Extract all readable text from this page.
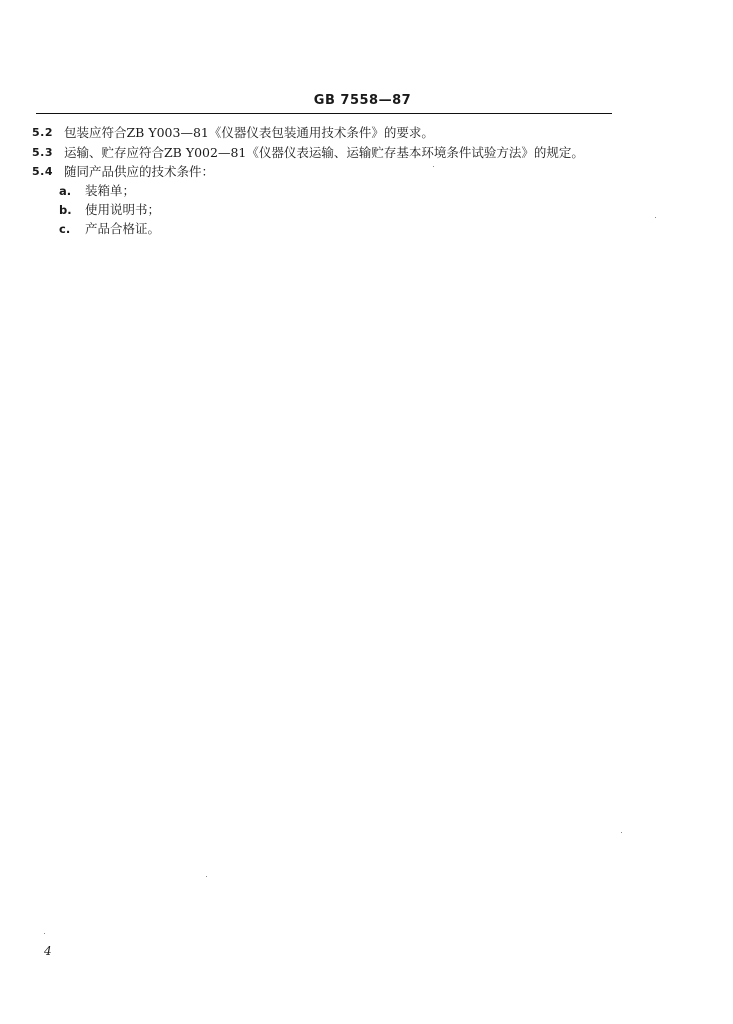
GB 7558—87
5.2 包装应符合ZB Y003—81《仪器仪表包装通用技术条件》的要求。
5.3 运输、贮存应符合ZB Y002—81《仪器仪表运输、运输贮存基本环境条件试验方法》的规定。
5.4 随同产品供应的技术条件：
a. 装箱单；
b. 使用说明书；
c. 产品合格证。
4
